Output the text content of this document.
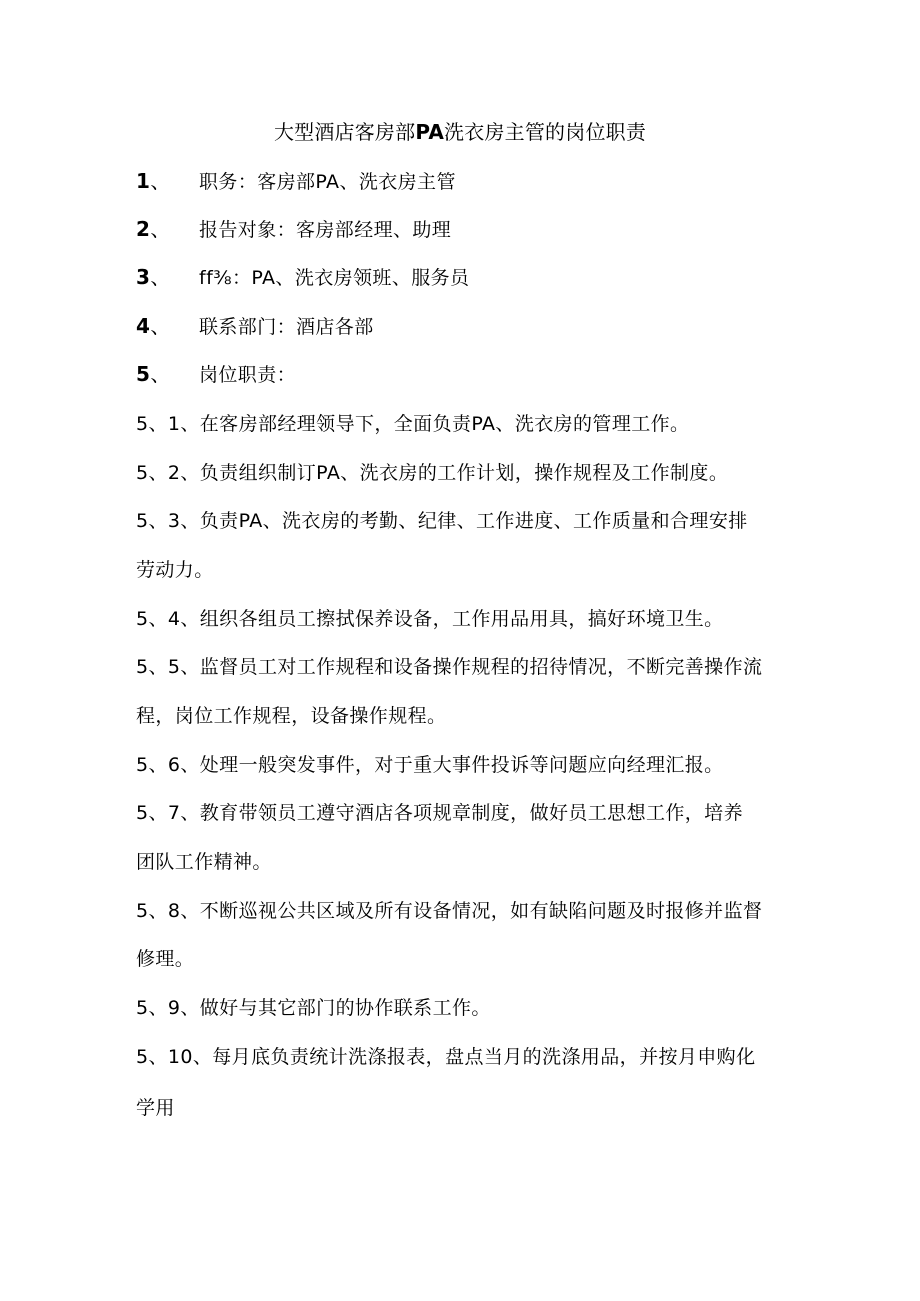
大型酒店客房部PA洗衣房主管的岗位职责
1、 职务：客房部PA、洗衣房主管
2、 报告对象：客房部经理、助理
3、 ff⅜：PA、洗衣房领班、服务员
4、 联系部门：酒店各部
5、 岗位职责：
5、1、在客房部经理领导下，全面负责PA、洗衣房的管理工作。
5、2、负责组织制订PA、洗衣房的工作计划，操作规程及工作制度。
5、3、负责PA、洗衣房的考勤、纪律、工作进度、工作质量和合理安排
劳动力。
5、4、组织各组员工擦拭保养设备，工作用品用具，搞好环境卫生。
5、5、监督员工对工作规程和设备操作规程的招待情况，不断完善操作流
程，岗位工作规程，设备操作规程。
5、6、处理一般突发事件，对于重大事件投诉等问题应向经理汇报。
5、7、教育带领员工遵守酒店各项规章制度，做好员工思想工作，培养
团队工作精神。
5、8、不断巡视公共区域及所有设备情况，如有缺陷问题及时报修并监督
修理。
5、9、做好与其它部门的协作联系工作。
5、10、每月底负责统计洗涤报表，盘点当月的洗涤用品，并按月申购化
学用
